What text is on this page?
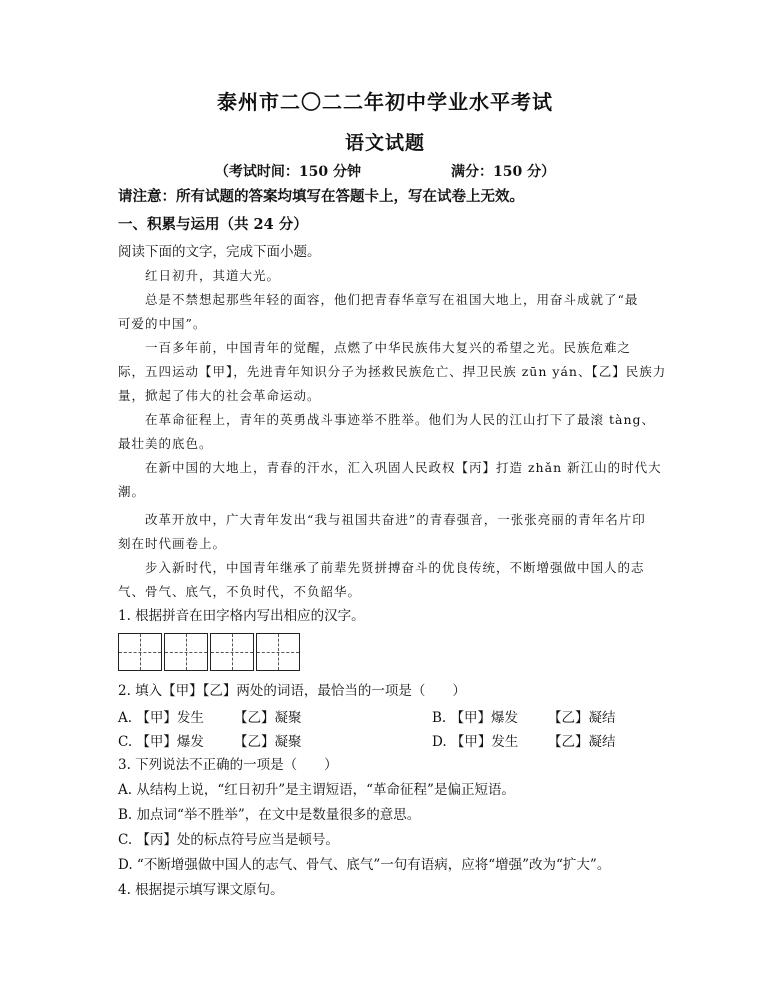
泰州市二〇二二年初中学业水平考试
语文试题
（考试时间：150 分钟	满分：150 分）
请注意：所有试题的答案均填写在答题卡上，写在试卷上无效。
一、积累与运用（共 24 分）
阅读下面的文字，完成下面小题。
红日初升，其道大光。
总是不禁想起那些年轻的面容，他们把青春华章写在祖国大地上，用奋斗成就了“最
可爱的中国”。
一百多年前，中国青年的觉醒，点燃了中华民族伟大复兴的希望之光。民族危难之
际，五四运动【甲】，先进青年知识分子为拯救民族危亡、捍卫民族 zūn yán、【乙】民族力
量，掀起了伟大的社会革命运动。
在革命征程上，青年的英勇战斗事迹举不胜举。他们为人民的江山打下了最滚 tàng、
最壮美的底色。
在新中国的大地上，青春的汗水，汇入巩固人民政权【丙】打造 zhǎn 新江山的时代大
潮。
改革开放中，广大青年发出“我与祖国共奋进”的青春强音，一张张亮丽的青年名片印
刻在时代画卷上。
步入新时代，中国青年继承了前辈先贤拼搏奋斗的优良传统，不断增强做中国人的志
气、骨气、底气，不负时代，不负韶华。
1. 根据拼音在田字格内写出相应的汉字。
2. 填入【甲】【乙】两处的词语，最恰当的一项是（　　）
A. 【甲】发生 【乙】凝聚	B. 【甲】爆发 【乙】凝结
C. 【甲】爆发 【乙】凝聚	D. 【甲】发生 【乙】凝结
3. 下列说法不正确的一项是（　　）
A. 从结构上说，“红日初升”是主谓短语，“革命征程”是偏正短语。
B. 加点词“举不胜举”，在文中是数量很多的意思。
C. 【丙】处的标点符号应当是顿号。
D. “不断增强做中国人的志气、骨气、底气”一句有语病，应将“增强”改为“扩大”。
4. 根据提示填写课文原句。
